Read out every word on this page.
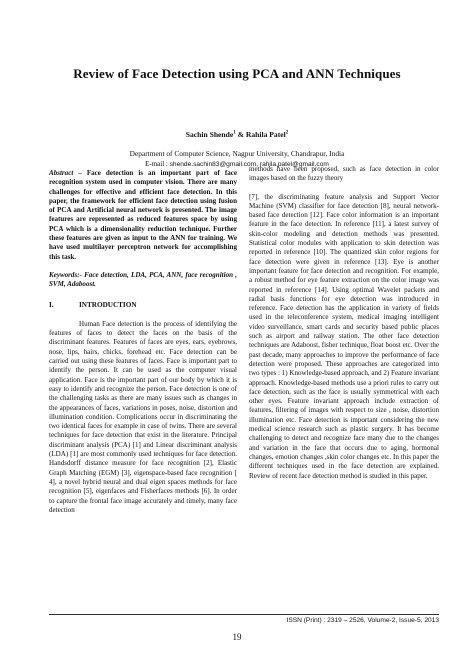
Review of Face Detection using PCA and ANN Techniques
Sachin Shende$^1$ & Rahila Patel$^2$
Department of Computer Science, Nagpur University, Chandrapur, India
E-mail : shende.sachin83@gmail.com, rahila.patel@gmail.com

Abstract – Face detection is an important part of face recognition system used in computer vision. There are many challenges for effective and efficient face detection. In this paper, the framework for efficient face detection using fusion of PCA and Artificial neural network is presented. The image features are represented as reduced features space by using PCA which is a dimensionality reduction technique. Further these features are given as input to the ANN for training. We have used multilayer perceptron network for accomplishing this task.

Keywords:- Face detection, LDA, PCA, ANN, face recognition , SVM, Adaboost.

I.	INTRODUCTION

Human Face detection is the process of identifying the features of faces to detect the faces on the basis of the discriminant features. Features of faces are eyes, ears, eyebrows, nose, lips, hairs, chicks, forehead etc. Face detection can be carried out using these features of faces. Face is important part to identify the person. It can be used as the computer visual application. Face is the important part of our body by which it is easy to identify and recognize the person. Face detection is one of the challenging tasks as there are many issues such as changes in the appearances of faces, variations in poses, noise, distortion and illumination condition. Complications occur in discriminating the two identical faces for example in case of twins. There are several techniques for face detection that exist in the literature. Principal discriminant analysis (PCA) [1] and Linear discriminant analysis (LDA) [1] are most commonly used techniques for face detection. Handsdorff distance measure for face recognition [2], Elastic Graph Matching (EGM) [3], eigenspace-based face recognition [ 4], a novel hybrid neural and dual eigen spaces methods for face recognition [5], eigenfaces and Fisherfaces methods [6]. In order to capture the frontal face image accurately and timely, many face detection

methods have been proposed, such as face detection in color images based on the fuzzy theory

[7], the discriminating feature analysis and Support Vector Machine (SVM) classifier for face detection [8], neural network-based face detection [12]. Face color information is an important feature in the face detection. In reference [11], a latest survey of skin-color modeling and detection methods was presented. Statistical color modules with application to skin detection was reported in reference [10]. The quantized skin color regions for face detection were given in reference [13]. Eye is another important feature for face detection and recognition. For example, a robust method for eye feature extraction on the color image was reported in reference [14]. Using optimal Wavelet packets and radial basis functions for eye detection was introduced in reference. Face detection has the application in variety of fields used in the teleconference system, medical imaging intelligent video surveillance, smart cards and security based public places such as airport and railway station. The other face detection techniques are Adaboost, fisher technique, float boost etc. Over the past decade, many approaches to improve the performance of face detection were proposed. These approaches are categorized into two types : 1) Knowledge-based approach, and 2) Feature invariant approach. Knowledge-based methods use a priori rules to carry out face detection, such as the face is usually symmetrical with each other eyes. Feature invariant approach include extraction of features, filtering of images with respect to size , noise, distortion illumination etc. Face detection is important considering the new medical science research such as plastic surgery. It has become challenging to detect and recognize face many due to the changes and variation in the face that occurs due to aging, hormonal changes, emotion changes ,skin color changes etc. In this paper the different techniques used in the face detection are explained. Review of recent face detection method is studied in this paper.

ISSN (Print) : 2319 – 2526, Volume-2, Issue-5, 2013
19
